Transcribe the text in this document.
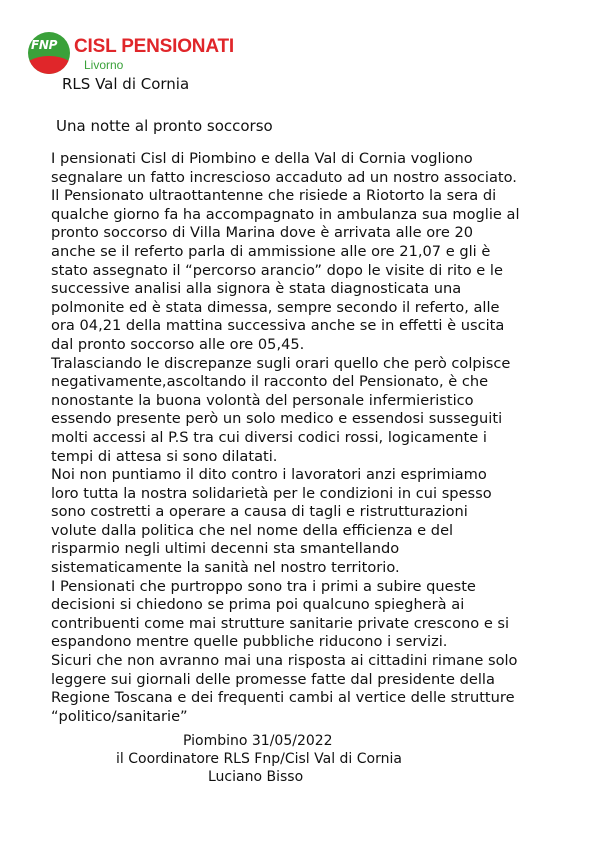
FNP CISL PENSIONATI
Livorno
RLS Val di Cornia
Una notte al pronto soccorso
I pensionati Cisl di Piombino e della Val di Cornia vogliono
segnalare un fatto increscioso accaduto ad un nostro associato.
Il Pensionato ultraottantenne che risiede a Riotorto la sera di
qualche giorno fa ha accompagnato in ambulanza sua moglie al
pronto soccorso di Villa Marina dove è arrivata alle ore 20
anche se il referto parla di ammissione alle ore 21,07 e gli è
stato assegnato il “percorso arancio” dopo le visite di rito e le
successive analisi alla signora è stata diagnosticata una
polmonite ed è stata dimessa, sempre secondo il referto, alle
ora 04,21 della mattina successiva anche se in effetti è uscita
dal pronto soccorso alle ore 05,45.
Tralasciando le discrepanze sugli orari quello che però colpisce
negativamente,ascoltando il racconto del Pensionato, è che
nonostante la buona volontà del personale infermieristico
essendo presente però un solo medico e essendosi susseguiti
molti accessi al P.S tra cui diversi codici rossi, logicamente i
tempi di attesa si sono dilatati.
Noi non puntiamo il dito contro i lavoratori anzi esprimiamo
loro tutta la nostra solidarietà per le condizioni in cui spesso
sono costretti a operare a causa di tagli e ristrutturazioni
volute dalla politica che nel nome della efficienza e del
risparmio negli ultimi decenni sta smantellando
sistematicamente la sanità nel nostro territorio.
I Pensionati che purtroppo sono tra i primi a subire queste
decisioni si chiedono se prima poi qualcuno spiegherà ai
contribuenti come mai strutture sanitarie private crescono e si
espandono mentre quelle pubbliche riducono i servizi.
Sicuri che non avranno mai una risposta ai cittadini rimane solo
leggere sui giornali delle promesse fatte dal presidente della
Regione Toscana e dei frequenti cambi al vertice delle strutture
“politico/sanitarie”
Piombino 31/05/2022
il Coordinatore RLS Fnp/Cisl Val di Cornia
Luciano Bisso
